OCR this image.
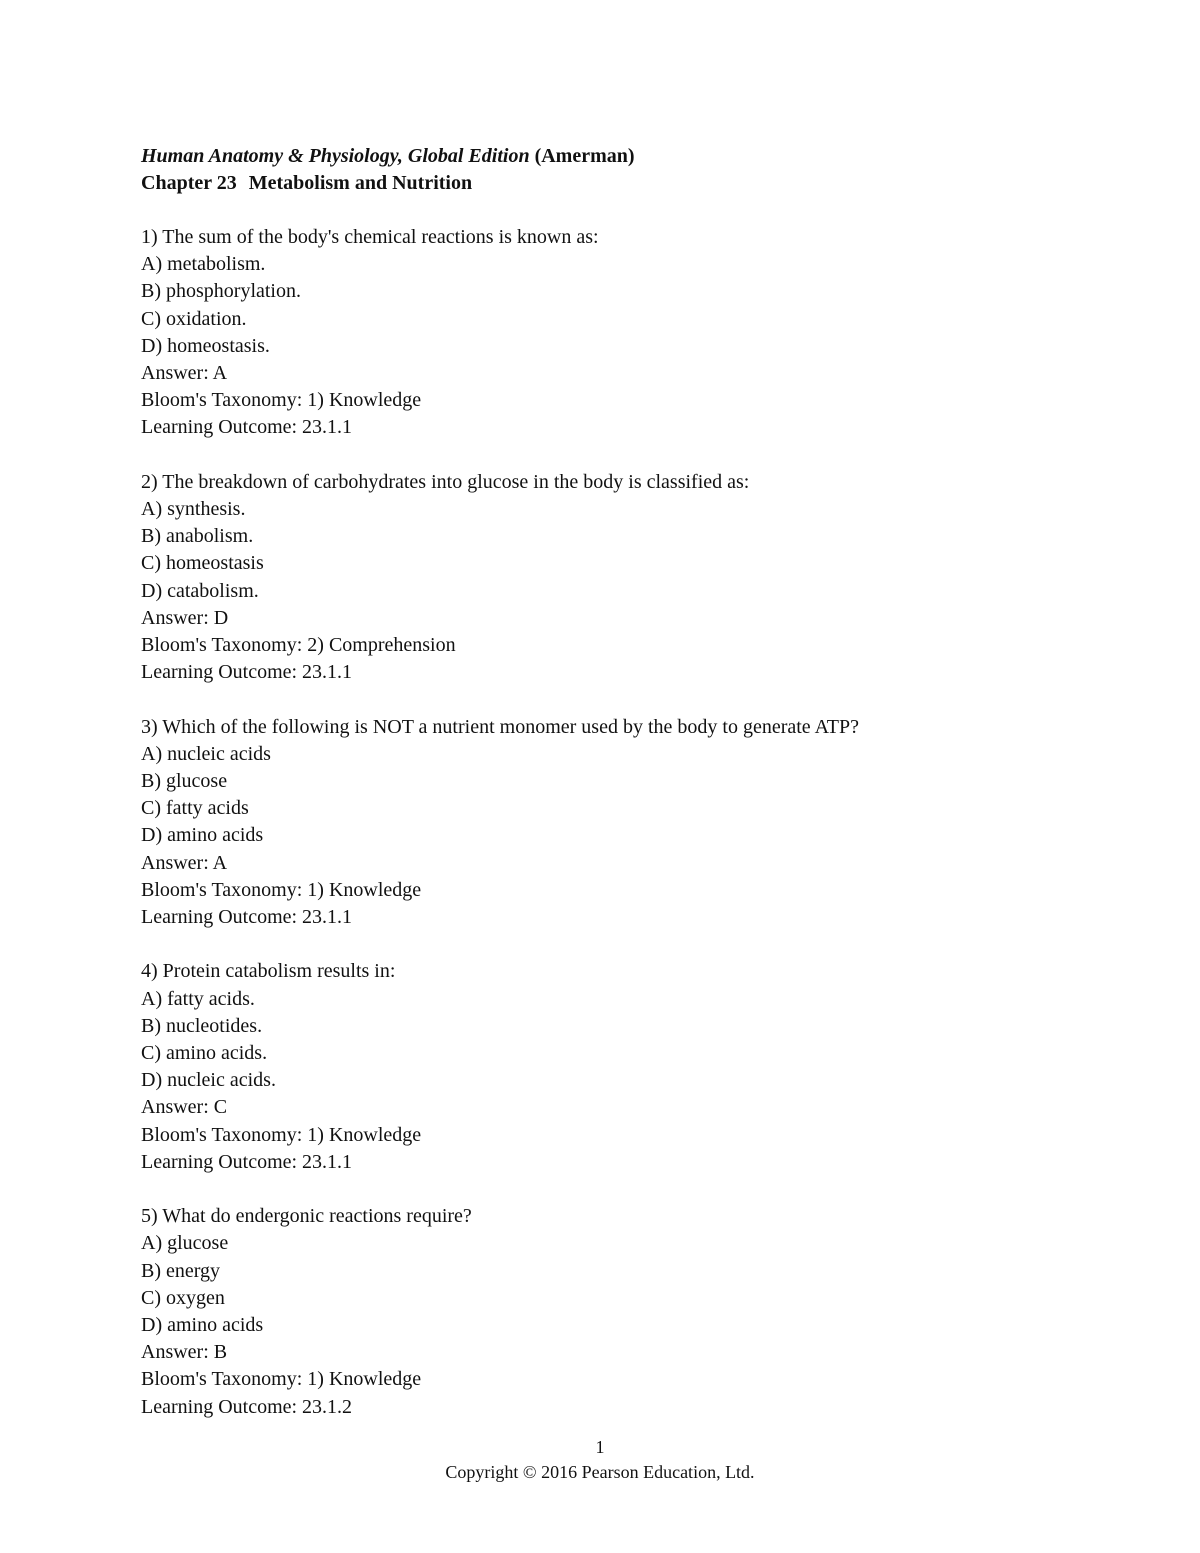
Human Anatomy & Physiology, Global Edition (Amerman)
Chapter 23 Metabolism and Nutrition
1) The sum of the body's chemical reactions is known as:
A) metabolism.
B) phosphorylation.
C) oxidation.
D) homeostasis.
Answer: A
Bloom's Taxonomy: 1) Knowledge
Learning Outcome: 23.1.1
2) The breakdown of carbohydrates into glucose in the body is classified as:
A) synthesis.
B) anabolism.
C) homeostasis
D) catabolism.
Answer: D
Bloom's Taxonomy: 2) Comprehension
Learning Outcome: 23.1.1
3) Which of the following is NOT a nutrient monomer used by the body to generate ATP?
A) nucleic acids
B) glucose
C) fatty acids
D) amino acids
Answer: A
Bloom's Taxonomy: 1) Knowledge
Learning Outcome: 23.1.1
4) Protein catabolism results in:
A) fatty acids.
B) nucleotides.
C) amino acids.
D) nucleic acids.
Answer: C
Bloom's Taxonomy: 1) Knowledge
Learning Outcome: 23.1.1
5) What do endergonic reactions require?
A) glucose
B) energy
C) oxygen
D) amino acids
Answer: B
Bloom's Taxonomy: 1) Knowledge
Learning Outcome: 23.1.2
1
Copyright © 2016 Pearson Education, Ltd.
